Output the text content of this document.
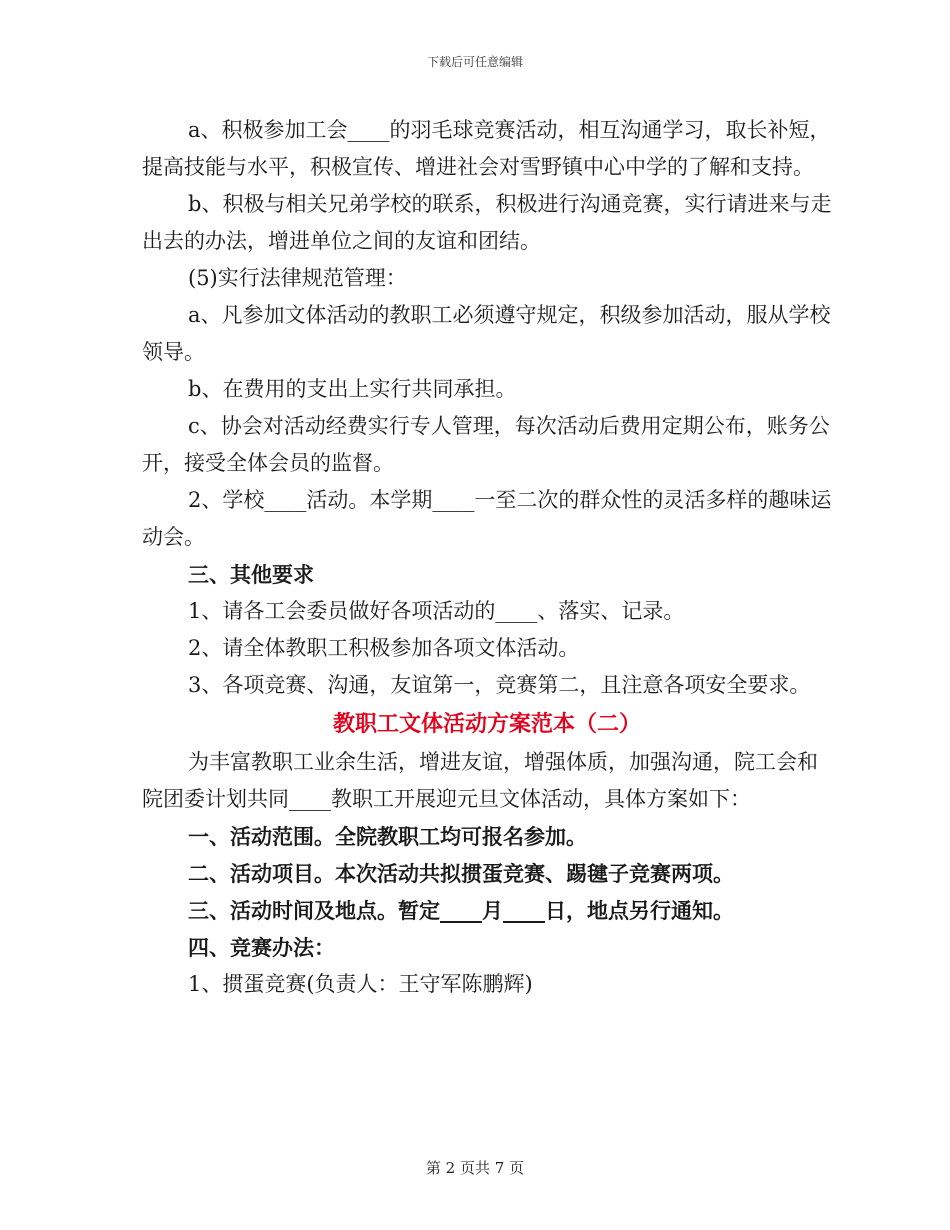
下载后可任意编辑

a、积极参加工会____的羽毛球竞赛活动，相互沟通学习，取长补短，提高技能与水平，积极宣传、增进社会对雪野镇中心中学的了解和支持。

b、积极与相关兄弟学校的联系，积极进行沟通竞赛，实行请进来与走出去的办法，增进单位之间的友谊和团结。

(5)实行法律规范管理：

a、凡参加文体活动的教职工必须遵守规定，积级参加活动，服从学校领导。

b、在费用的支出上实行共同承担。

c、协会对活动经费实行专人管理，每次活动后费用定期公布，账务公开，接受全体会员的监督。

2、学校____活动。本学期____一至二次的群众性的灵活多样的趣味运动会。

三、其他要求

1、请各工会委员做好各项活动的____、落实、记录。

2、请全体教职工积极参加各项文体活动。

3、各项竞赛、沟通，友谊第一，竞赛第二，且注意各项安全要求。

教职工文体活动方案范本（二）

为丰富教职工业余生活，增进友谊，增强体质，加强沟通，院工会和院团委计划共同____教职工开展迎元旦文体活动，具体方案如下：

一、活动范围。全院教职工均可报名参加。

二、活动项目。本次活动共拟掼蛋竞赛、踢毽子竞赛两项。

三、活动时间及地点。暂定____月____日，地点另行通知。

四、竞赛办法：

1、掼蛋竞赛(负责人：王守军陈鹏辉)

第 2 页共 7 页
